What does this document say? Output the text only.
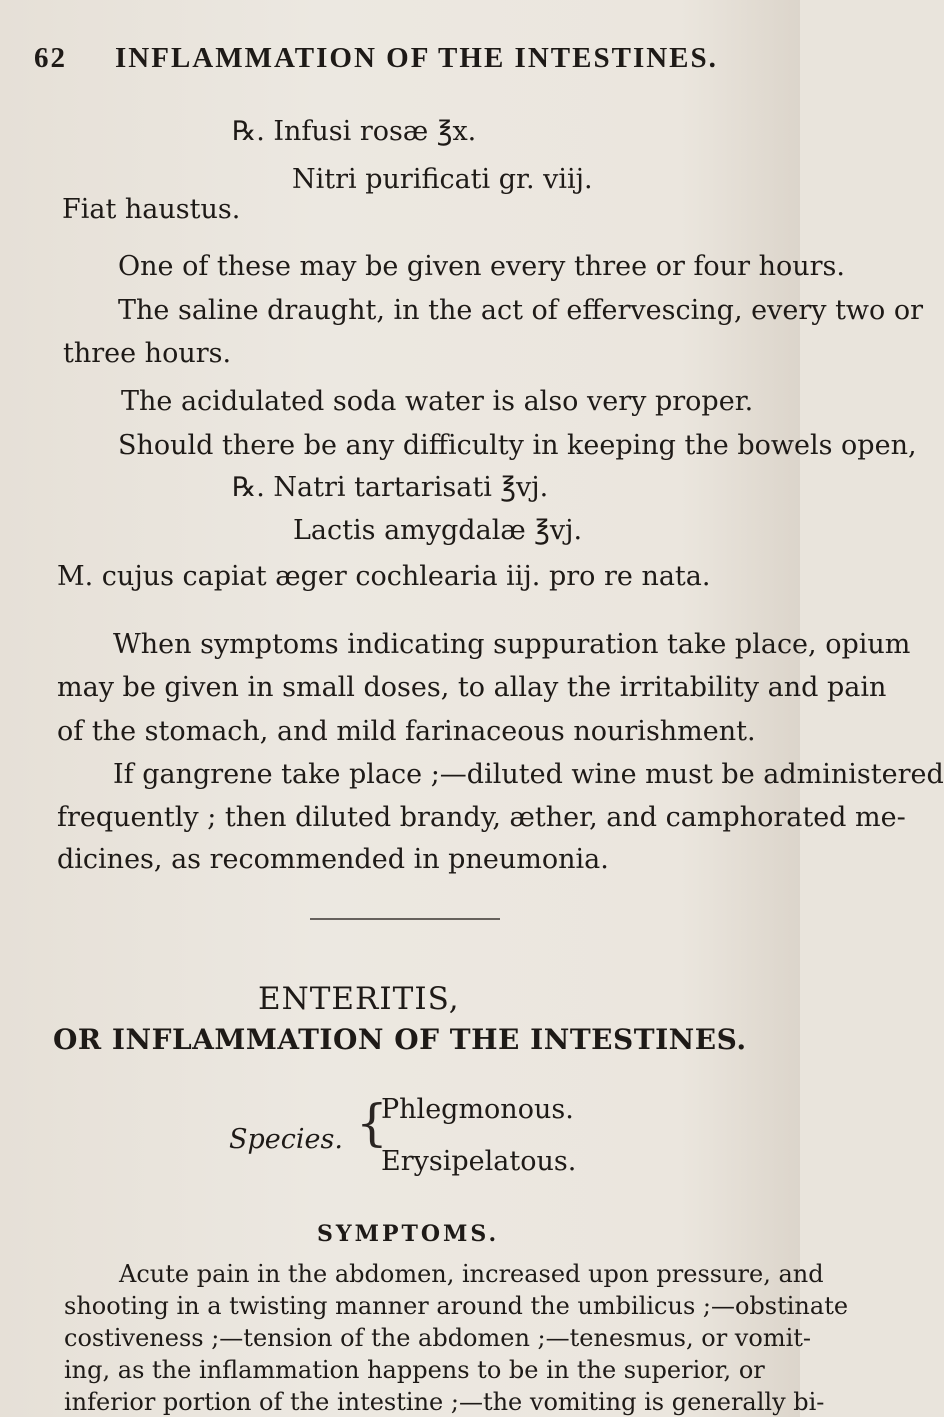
62 INFLAMMATION OF THE INTESTINES.
℞. Infusi rosæ ℥x.
Nitri purificati gr. viij.
Fiat haustus.
One of these may be given every three or four hours.
The saline draught, in the act of effervescing, every two or
three hours.
The acidulated soda water is also very proper.
Should there be any difficulty in keeping the bowels open,
℞. Natri tartarisati ℥vj.
Lactis amygdalæ ℥vj.
M. cujus capiat æger cochlearia iij. pro re nata.
When symptoms indicating suppuration take place, opium
may be given in small doses, to allay the irritability and pain
of the stomach, and mild farinaceous nourishment.
If gangrene take place ;—diluted wine must be administered
frequently ; then diluted brandy, æther, and camphorated me-
dicines, as recommended in pneumonia.
ENTERITIS,
OR INFLAMMATION OF THE INTESTINES.
Species. {
Phlegmonous.
Erysipelatous.
SYMPTOMS.
Acute pain in the abdomen, increased upon pressure, and
shooting in a twisting manner around the umbilicus ;—obstinate
costiveness ;—tension of the abdomen ;—tenesmus, or vomit-
ing, as the inflammation happens to be in the superior, or
inferior portion of the intestine ;—the vomiting is generally bi-
